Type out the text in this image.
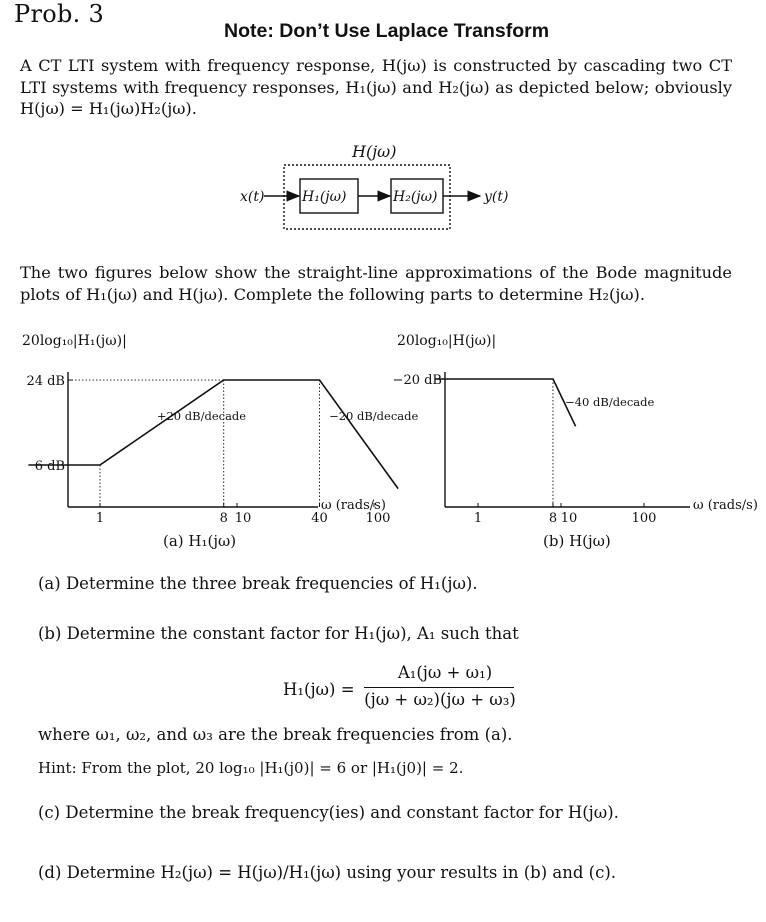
Prob. 3
Note: Don’t Use Laplace Transform

A CT LTI system with frequency response, H(jω) is constructed by cascading two CT LTI systems with frequency responses, H₁(jω) and H₂(jω) as depicted below; obviously H(jω) = H₁(jω)H₂(jω).

H(jω)
x(t)	H₁(jω)	H₂(jω)	y(t)

The two figures below show the straight-line approximations of the Bode magnitude plots of H₁(jω) and H(jω). Complete the following parts to determine H₂(jω).

20log₁₀|H₁(jω)|
1	8 10	40	100
24 dB
6 dB
+20 dB/decade	−20 dB/decade
ω (rads/s)
(a) H₁(jω)
20log₁₀|H(jω)|
1	8 10	100
−20 dB
−40 dB/decade
ω (rads/s)
(b) H(jω)
(a) Determine the three break frequencies of H₁(jω).
(b) Determine the constant factor for H₁(jω), A₁ such that
H₁(jω) =
A₁(jω + ω₁)
(jω + ω₂)(jω + ω₃)
where ω₁, ω₂, and ω₃ are the break frequencies from (a).
Hint: From the plot, 20 log₁₀ |H₁(j0)| = 6 or |H₁(j0)| = 2.
(c) Determine the break frequency(ies) and constant factor for H(jω).
(d) Determine H₂(jω) = H(jω)/H₁(jω) using your results in (b) and (c).
